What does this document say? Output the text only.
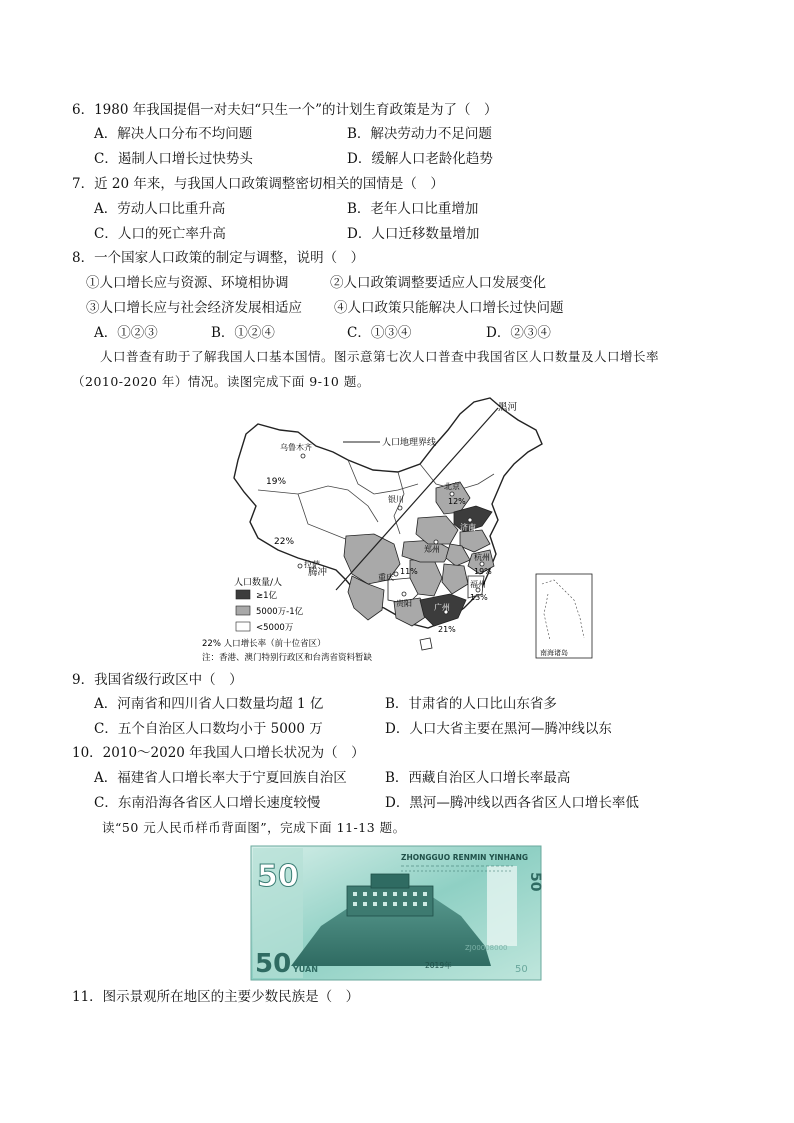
6．1980 年我国提倡一对夫妇“只生一个”的计划生育政策是为了（　）
A．解决人口分布不均问题	B．解决劳动力不足问题
C．遏制人口增长过快势头	D．缓解人口老龄化趋势
7．近 20 年来，与我国人口政策调整密切相关的国情是（　）
A．劳动人口比重升高	B．老年人口比重增加
C．人口的死亡率升高	D．人口迁移数量增加
8．一个国家人口政策的制定与调整，说明（　）
①人口增长应与资源、环境相协调	②人口政策调整要适应人口发展变化
③人口增长应与社会经济发展相适应 ④人口政策只能解决人口增长过快问题
A．①②③	B．①②④	C．①③④	D．②③④
人口普查有助于了解我国人口基本国情。图示意第七次人口普查中我国省区人口数量及人口增长率
（2010-2020 年）情况。读图完成下面 9-10 题。
黑河
腾冲
人口地理界线
乌鲁木齐
银川
北京
济南
郑州
拉萨
重庆
杭州
贵阳
福州
广州
19%
22%
12%
11%	19%
13%
21%
人口数量/人
≥1亿
5000万-1亿
<5000万
22% 人口增长率（前十位省区）
注：香港、澳门特别行政区和台湾省资料暂缺	南海诸岛
9．我国省级行政区中（　）
A．河南省和四川省人口数量均超 1 亿	B．甘肃省的人口比山东省多
C．五个自治区人口数均小于 5000 万	D．人口大省主要在黑河—腾冲线以东
10．2010～2020 年我国人口增长状况为（　）
A．福建省人口增长率大于宁夏回族自治区	B．西藏自治区人口增长率最高
C．东南沿海各省区人口增长速度较慢	D．黑河—腾冲线以西各省区人口增长率低
读“50 元人民币样币背面图”，完成下面 11-13 题。
50
ZHONGGUO RENMIN YINHANG
50 YUAN	2019年
ZJ00008000
50
50
11．图示景观所在地区的主要少数民族是（　）
